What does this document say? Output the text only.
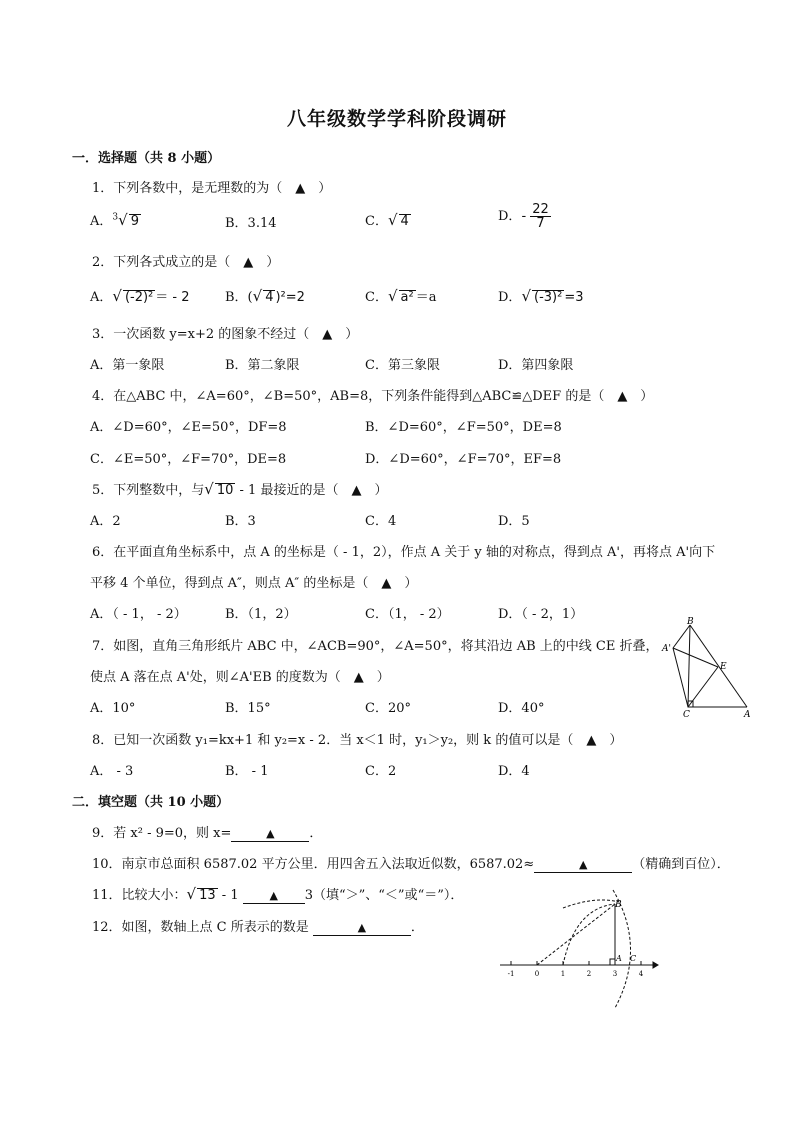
八年级数学学科阶段调研
一．选择题（共 8 小题）
1．下列各数中，是无理数的为（　▲　）
A．$^3$√ 9	B．3.14	C．√ 4	D．- $\frac{22}{7}$
2．下列各式成立的是（　▲　）
A．√ (-2)² ＝ - 2	B．(√ 4 )²=2	C．√ a² ＝a	D．√ (-3)² =3
3．一次函数 y=x+2 的图象不经过（　▲　）
A．第一象限	B．第二象限	C．第三象限	D．第四象限
4．在△ABC 中，∠A=60°，∠B=50°，AB=8，下列条件能得到△ABC≌△DEF 的是（　▲　）
A．∠D=60°，∠E=50°，DF=8	B．∠D=60°，∠F=50°，DE=8
C．∠E=50°，∠F=70°，DE=8	D．∠D=60°，∠F=70°，EF=8
5．下列整数中，与√ 10 - 1 最接近的是（　▲　）
A．2	B．3	C．4	D．5
6．在平面直角坐标系中，点 A 的坐标是（ - 1，2），作点 A 关于 y 轴的对称点，得到点 A'，再将点 A'向下
平移 4 个单位，得到点 A″，则点 A″ 的坐标是（　▲　）
A．（ - 1， - 2）	B．（1，2）	C．（1， - 2）	D．（ - 2，1）
7．如图，直角三角形纸片 ABC 中，∠ACB=90°，∠A=50°，将其沿边 AB 上的中线 CE 折叠，
使点 A 落在点 A'处，则∠A'EB 的度数为（　▲　）
A．10°	B．15°	C．20°	D．40°
B
A'
E
C	A
8．已知一次函数 y₁=kx+1 和 y₂=x - 2．当 x＜1 时，y₁＞y₂，则 k 的值可以是（　▲　）
A． - 3	B． - 1	C．2	D．4
二．填空题（共 10 小题）
9．若 x² - 9=0，则 x=	▲	．
10．南京市总面积 6587.02 平方公里．用四舍五入法取近似数，6587.02≈	▲	（精确到百位）．
11．比较大小：√ 13 - 1 ▲ 3（填“＞”、“＜”或“＝”）．
12．如图，数轴上点 C 所表示的数是	▲	．
B
A C
-1	0	1	2	3	4
